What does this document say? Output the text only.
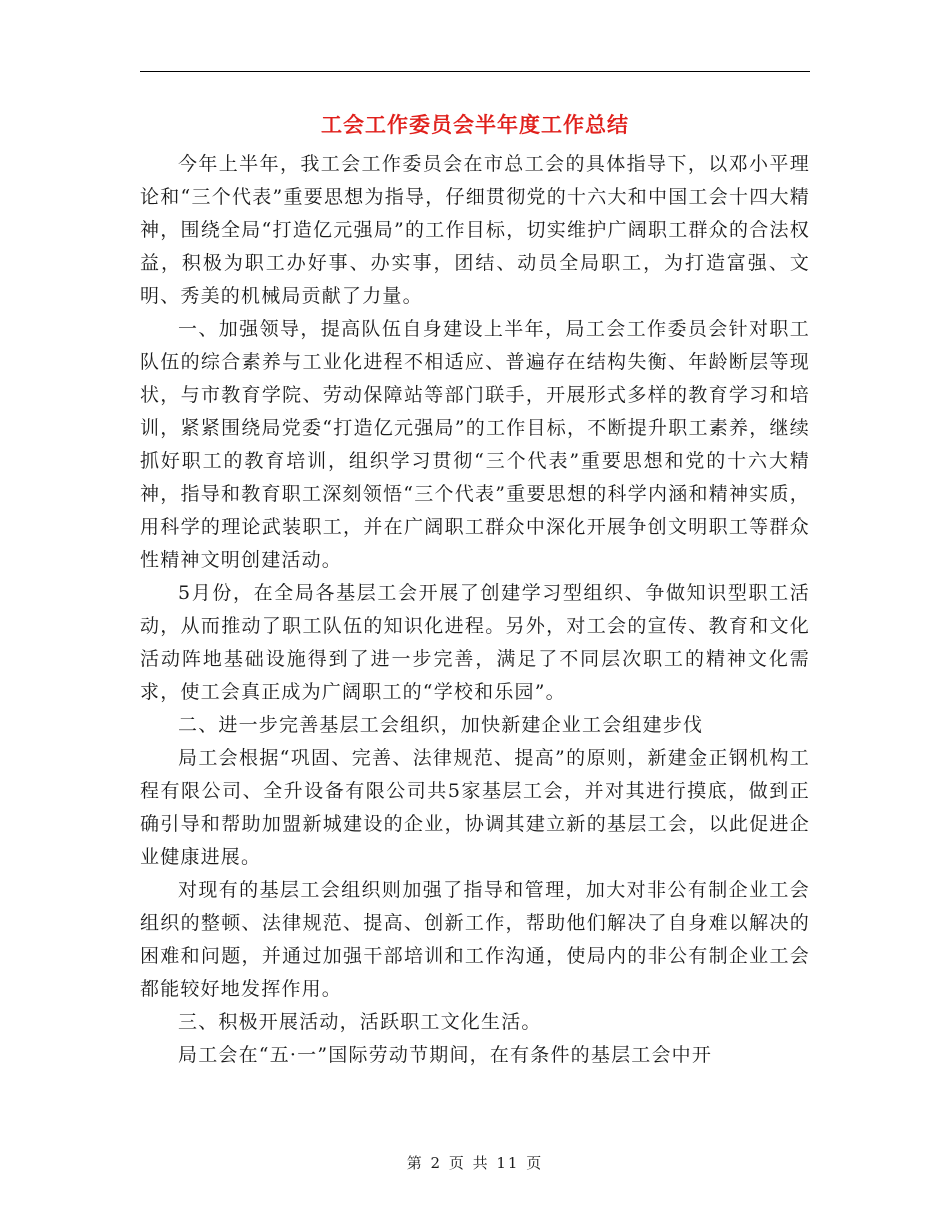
工会工作委员会半年度工作总结

今年上半年，我工会工作委员会在市总工会的具体指导下，以邓小平理论和“三个代表”重要思想为指导，仔细贯彻党的十六大和中国工会十四大精神，围绕全局“打造亿元强局”的工作目标，切实维护广阔职工群众的合法权益，积极为职工办好事、办实事，团结、动员全局职工，为打造富强、文明、秀美的机械局贡献了力量。

一、加强领导，提高队伍自身建设上半年，局工会工作委员会针对职工队伍的综合素养与工业化进程不相适应、普遍存在结构失衡、年龄断层等现状，与市教育学院、劳动保障站等部门联手，开展形式多样的教育学习和培训，紧紧围绕局党委“打造亿元强局”的工作目标，不断提升职工素养，继续抓好职工的教育培训，组织学习贯彻“三个代表”重要思想和党的十六大精神，指导和教育职工深刻领悟“三个代表”重要思想的科学内涵和精神实质，用科学的理论武装职工，并在广阔职工群众中深化开展争创文明职工等群众性精神文明创建活动。

5月份，在全局各基层工会开展了创建学习型组织、争做知识型职工活动，从而推动了职工队伍的知识化进程。另外，对工会的宣传、教育和文化活动阵地基础设施得到了进一步完善，满足了不同层次职工的精神文化需求，使工会真正成为广阔职工的“学校和乐园”。

二、进一步完善基层工会组织，加快新建企业工会组建步伐

局工会根据“巩固、完善、法律规范、提高”的原则，新建金正钢机构工程有限公司、全升设备有限公司共5家基层工会，并对其进行摸底，做到正确引导和帮助加盟新城建设的企业，协调其建立新的基层工会，以此促进企业健康进展。

对现有的基层工会组织则加强了指导和管理，加大对非公有制企业工会组织的整顿、法律规范、提高、创新工作，帮助他们解决了自身难以解决的困难和问题，并通过加强干部培训和工作沟通，使局内的非公有制企业工会都能较好地发挥作用。

三、积极开展活动，活跃职工文化生活。

局工会在“五·一”国际劳动节期间，在有条件的基层工会中开

第 2 页 共 11 页
